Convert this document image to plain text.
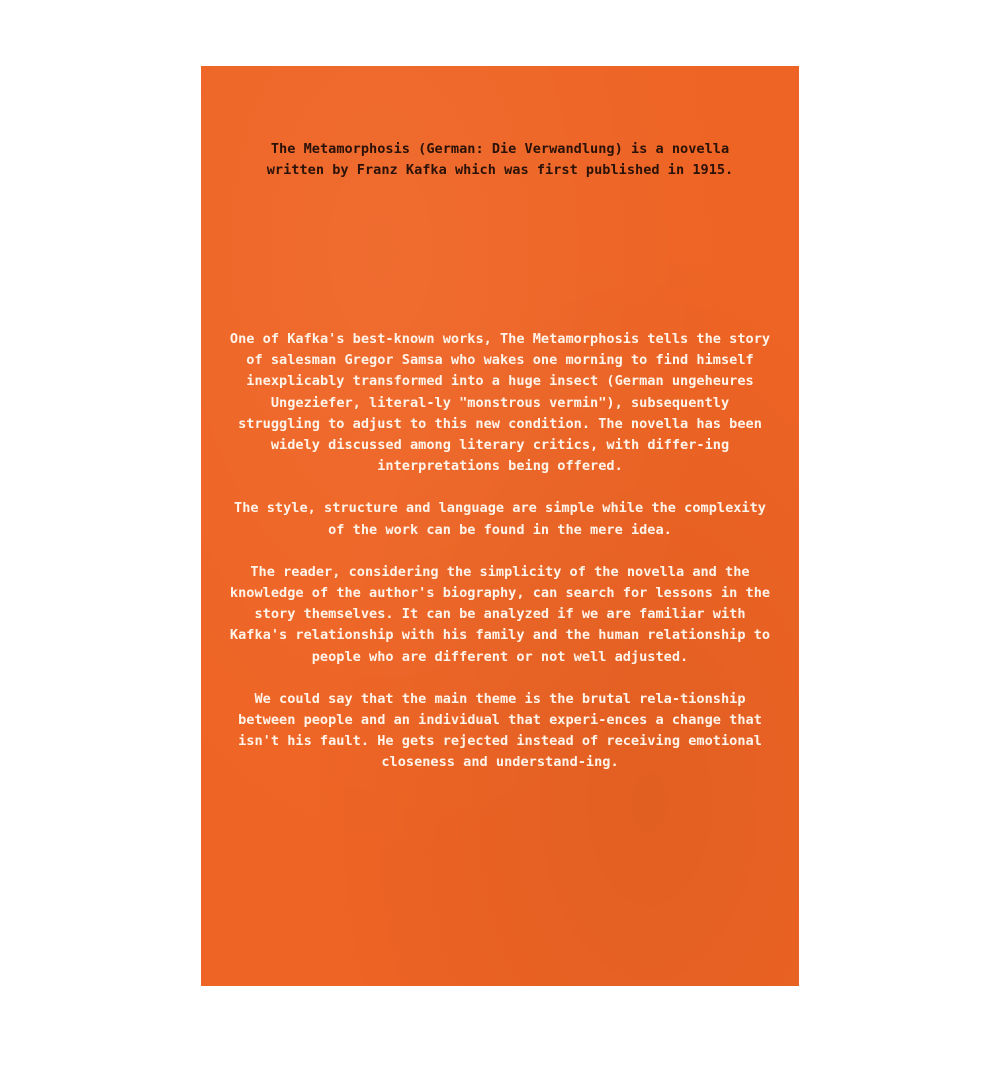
The Metamorphosis (German: Die Verwandlung) is a novella written by Franz Kafka which was first published in 1915.

One of Kafka's best-known works, The Metamorphosis tells the story of salesman Gregor Samsa who wakes one morning to find himself inexplicably transformed into a huge insect (German ungeheures Ungeziefer, literal-ly "monstrous vermin"), subsequently struggling to adjust to this new condition. The novella has been widely discussed among literary critics, with differ-ing interpretations being offered.

The style, structure and language are simple while the complexity of the work can be found in the mere idea.

The reader, considering the simplicity of the novella and the knowledge of the author's biography, can search for lessons in the story themselves. It can be analyzed if we are familiar with Kafka's relationship with his family and the human relationship to people who are different or not well adjusted.

We could say that the main theme is the brutal rela-tionship between people and an individual that experi-ences a change that isn't his fault. He gets rejected instead of receiving emotional closeness and understand-ing.
